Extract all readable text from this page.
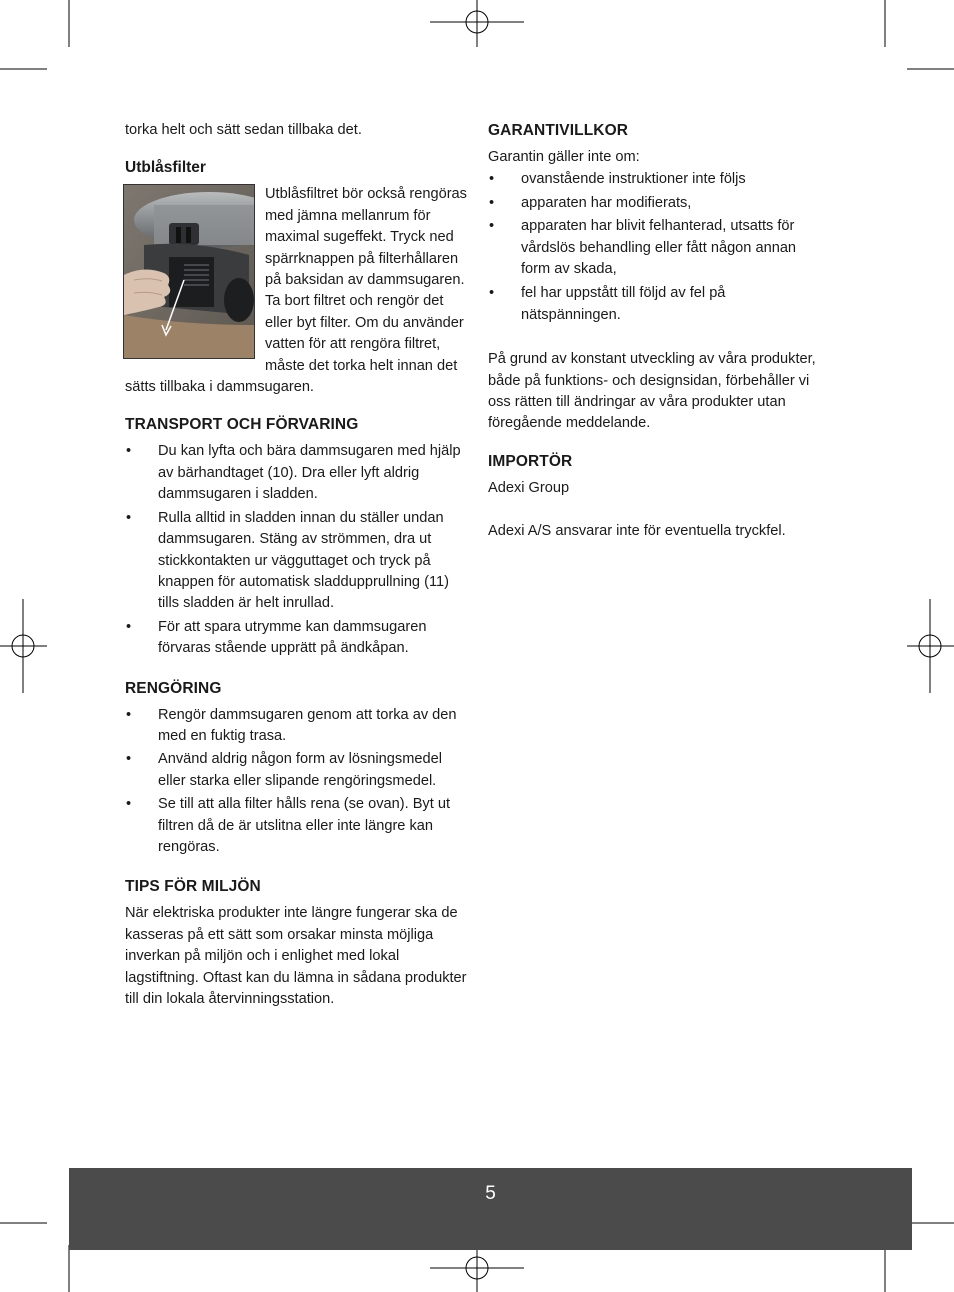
torka helt och sätt sedan tillbaka det.

Utblåsfilter

Utblåsfiltret bör också rengöras med jämna mellanrum för maximal sugeffekt. Tryck ned spärrknappen på filterhållaren på baksidan av dammsugaren. Ta bort filtret och rengör det eller byt filter. Om du använder vatten för att rengöra filtret, måste det torka helt innan det sätts tillbaka i dammsugaren.

TRANSPORT OCH FÖRVARING
• Du kan lyfta och bära dammsugaren med hjälp av bärhandtaget (10). Dra eller lyft aldrig dammsugaren i sladden.
• Rulla alltid in sladden innan du ställer undan dammsugaren. Stäng av strömmen, dra ut stickkontakten ur vägguttaget och tryck på knappen för automatisk sladdupprullning (11) tills sladden är helt inrullad.
• För att spara utrymme kan dammsugaren förvaras stående upprätt på ändkåpan.
RENGÖRING
• Rengör dammsugaren genom att torka av den med en fuktig trasa.
• Använd aldrig någon form av lösningsmedel eller starka eller slipande rengöringsmedel.
• Se till att alla filter hålls rena (se ovan). Byt ut filtren då de är utslitna eller inte längre kan rengöras.
TIPS FÖR MILJÖN

När elektriska produkter inte längre fungerar ska de kasseras på ett sätt som orsakar minsta möjliga inverkan på miljön och i enlighet med lokal lagstiftning. Oftast kan du lämna in sådana produkter till din lokala återvinningsstation.

GARANTIVILLKOR

Garantin gäller inte om:

• ovanstående instruktioner inte följs
• apparaten har modifierats,
• apparaten har blivit felhanterad, utsatts för vårdslös behandling eller fått någon annan form av skada,
• fel har uppstått till följd av fel på nätspänningen.

På grund av konstant utveckling av våra produkter, både på funktions- och designsidan, förbehåller vi oss rätten till ändringar av våra produkter utan föregående meddelande.

IMPORTÖR

Adexi Group

Adexi A/S ansvarar inte för eventuella tryckfel.

5
